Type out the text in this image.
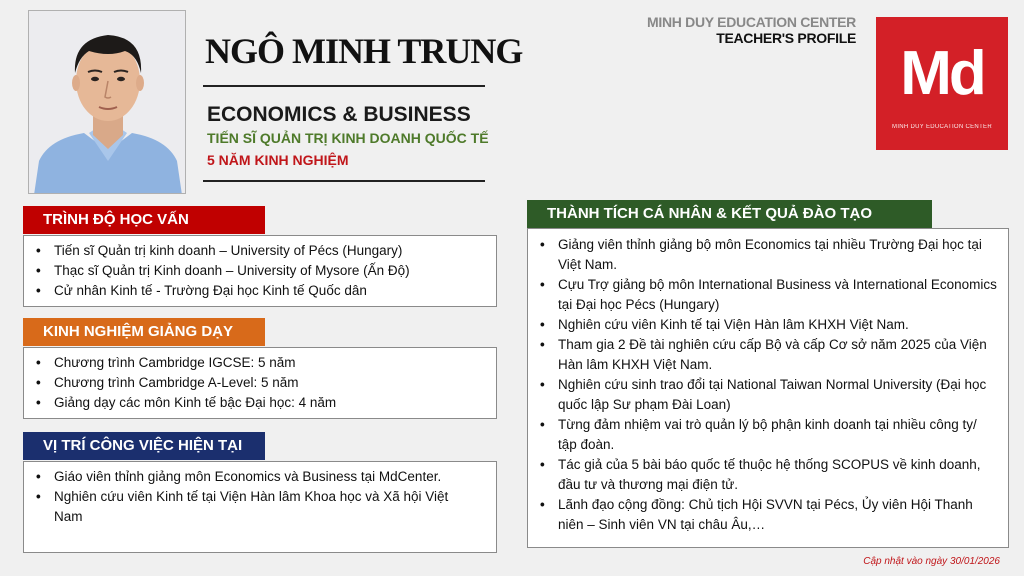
NGÔ MINH TRUNG
ECONOMICS & BUSINESS
TIẾN SĨ QUẢN TRỊ KINH DOANH QUỐC TẾ
5 NĂM KINH NGHIỆM
MINH DUY EDUCATION CENTER
TEACHER'S PROFILE
Md
MINH DUY EDUCATION CENTER
TRÌNH ĐỘ HỌC VẤN
• Tiến sĩ Quản trị kinh doanh – University of Pécs (Hungary)
• Thạc sĩ Quản trị Kinh doanh – University of Mysore (Ấn Độ)
• Cử nhân Kinh tế - Trường Đại học Kinh tế Quốc dân
KINH NGHIỆM GIẢNG DẠY
• Chương trình Cambridge IGCSE: 5 năm
• Chương trình Cambridge A-Level: 5 năm
• Giảng dạy các môn Kinh tế bậc Đại học: 4 năm
VỊ TRÍ CÔNG VIỆC HIỆN TẠI
• Giáo viên thỉnh giảng môn Economics và Business tại MdCenter.
• Nghiên cứu viên Kinh tế tại Viện Hàn lâm Khoa học và Xã hội Việt Nam
THÀNH TÍCH CÁ NHÂN & KẾT QUẢ ĐÀO TẠO
• Giảng viên thỉnh giảng bộ môn Economics tại nhiều Trường Đại học tại Việt Nam.
• Cựu Trợ giảng bộ môn International Business và International Economics tại Đại học Pécs (Hungary)
• Nghiên cứu viên Kinh tế tại Viện Hàn lâm KHXH Việt Nam.
• Tham gia 2 Đề tài nghiên cứu cấp Bộ và cấp Cơ sở năm 2025 của Viện Hàn lâm KHXH Việt Nam.
• Nghiên cứu sinh trao đổi tại National Taiwan Normal University (Đại học quốc lập Sư phạm Đài Loan)
• Từng đảm nhiệm vai trò quản lý bộ phận kinh doanh tại nhiều công ty/ tập đoàn.
• Tác giả của 5 bài báo quốc tế thuộc hệ thống SCOPUS về kinh doanh, đầu tư và thương mại điện tử.
• Lãnh đạo cộng đồng: Chủ tịch Hội SVVN tại Pécs, Ủy viên Hội Thanh niên – Sinh viên VN tại châu Âu,…
Cập nhật vào ngày 30/01/2026
